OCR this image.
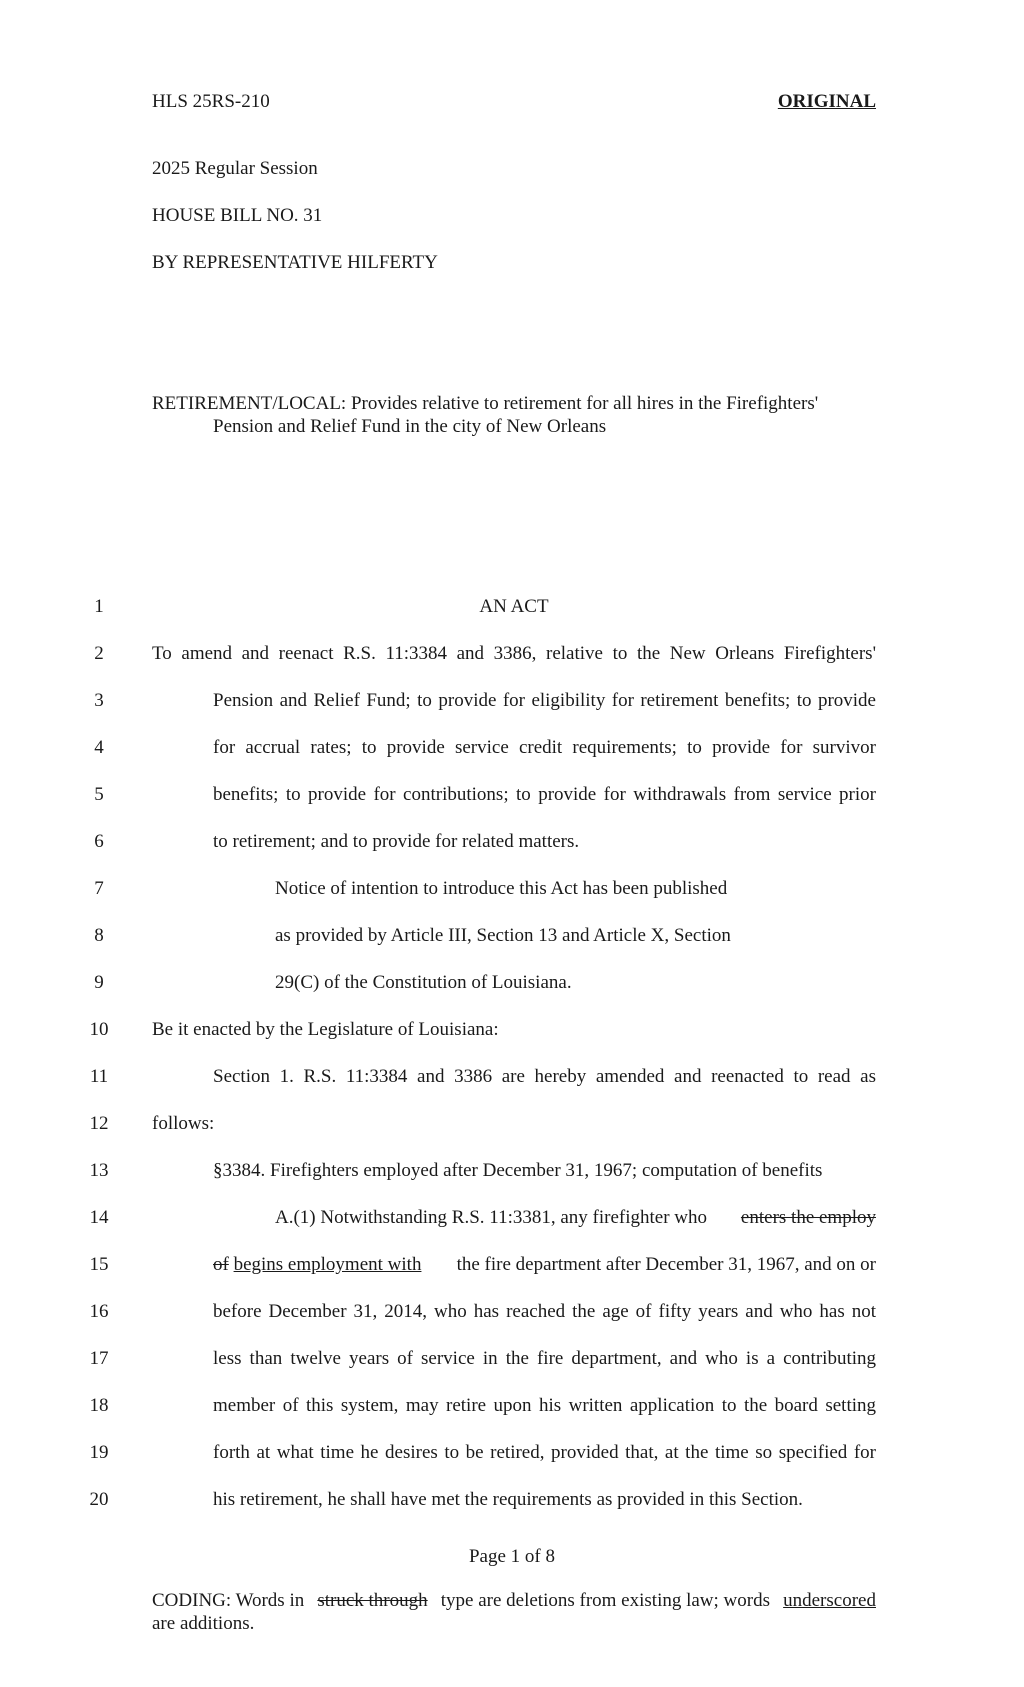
HLS 25RS-210	ORIGINAL
2025 Regular Session
HOUSE BILL NO. 31
BY REPRESENTATIVE HILFERTY
RETIREMENT/LOCAL: Provides relative to retirement for all hires in the Firefighters'
Pension and Relief Fund in the city of New Orleans
1	AN ACT
2	To amend and reenact R.S. 11:3384 and 3386, relative to the New Orleans Firefighters'
3	Pension and Relief Fund; to provide for eligibility for retirement benefits; to provide
4	for accrual rates; to provide service credit requirements; to provide for survivor
5	benefits; to provide for contributions; to provide for withdrawals from service prior
6	to retirement; and to provide for related matters.
7	Notice of intention to introduce this Act has been published
8	as provided by Article III, Section 13 and Article X, Section
9	29(C) of the Constitution of Louisiana.
10	Be it enacted by the Legislature of Louisiana:
11	Section 1. R.S. 11:3384 and 3386 are hereby amended and reenacted to read as
12	follows:
13	§3384. Firefighters employed after December 31, 1967; computation of benefits
14	A.(1) Notwithstanding R.S. 11:3381, any firefighter who enters the employ
15	of begins employment with the fire department after December 31, 1967, and on or
16	before December 31, 2014, who has reached the age of fifty years and who has not
17	less than twelve years of service in the fire department, and who is a contributing
18	member of this system, may retire upon his written application to the board setting
19	forth at what time he desires to be retired, provided that, at the time so specified for
20	his retirement, he shall have met the requirements as provided in this Section.
Page 1 of 8
CODING: Words in struck through type are deletions from existing law; words underscored
are additions.
